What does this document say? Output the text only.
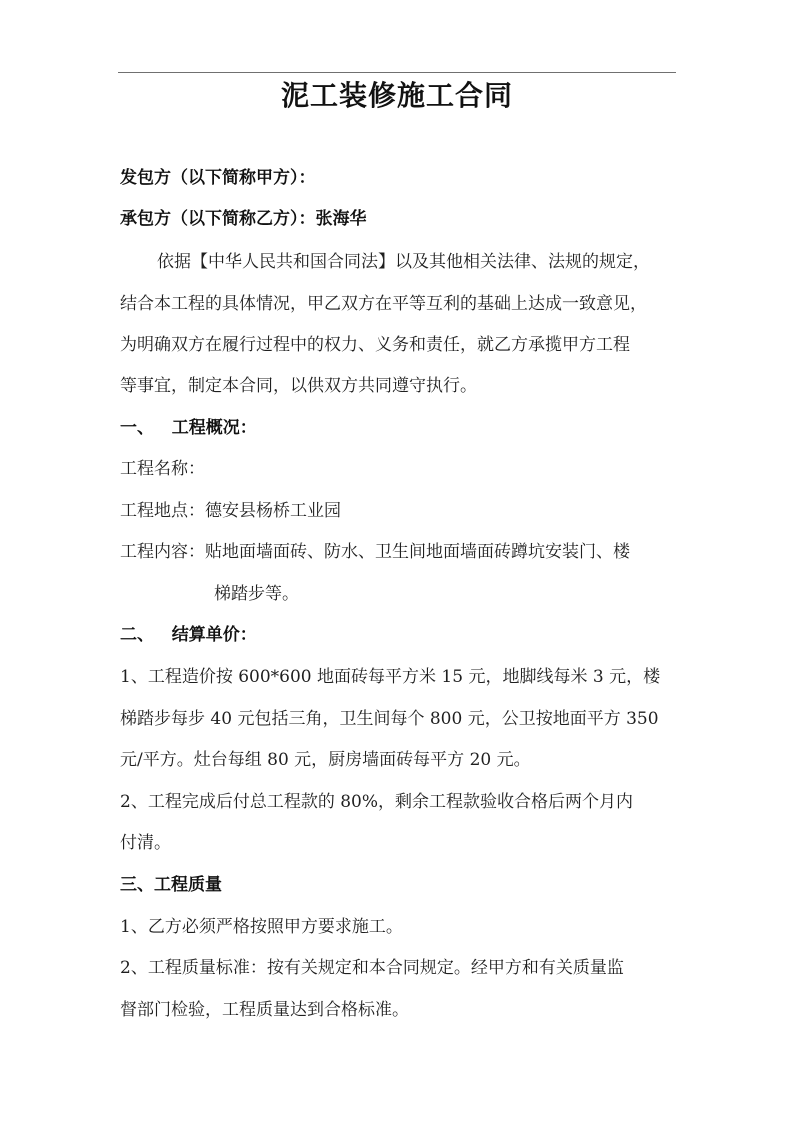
泥工装修施工合同
发包方（以下简称甲方）：
承包方（以下简称乙方）：张海华
依据【中华人民共和国合同法】以及其他相关法律、法规的规定，
结合本工程的具体情况，甲乙双方在平等互利的基础上达成一致意见，
为明确双方在履行过程中的权力、义务和责任，就乙方承揽甲方工程
等事宜，制定本合同，以供双方共同遵守执行。
一、   工程概况：
工程名称：
工程地点：德安县杨桥工业园
工程内容：贴地面墙面砖、防水、卫生间地面墙面砖蹲坑安装门、楼
梯踏步等。
二、   结算单价：
1、工程造价按 600*600 地面砖每平方米 15 元，地脚线每米 3 元，楼
梯踏步每步 40 元包括三角，卫生间每个 800 元，公卫按地面平方 350
元/平方。灶台每组 80 元，厨房墙面砖每平方 20 元。
2、工程完成后付总工程款的 80%，剩余工程款验收合格后两个月内
付清。
三、工程质量
1、乙方必须严格按照甲方要求施工。
2、工程质量标准：按有关规定和本合同规定。经甲方和有关质量监
督部门检验，工程质量达到合格标准。
